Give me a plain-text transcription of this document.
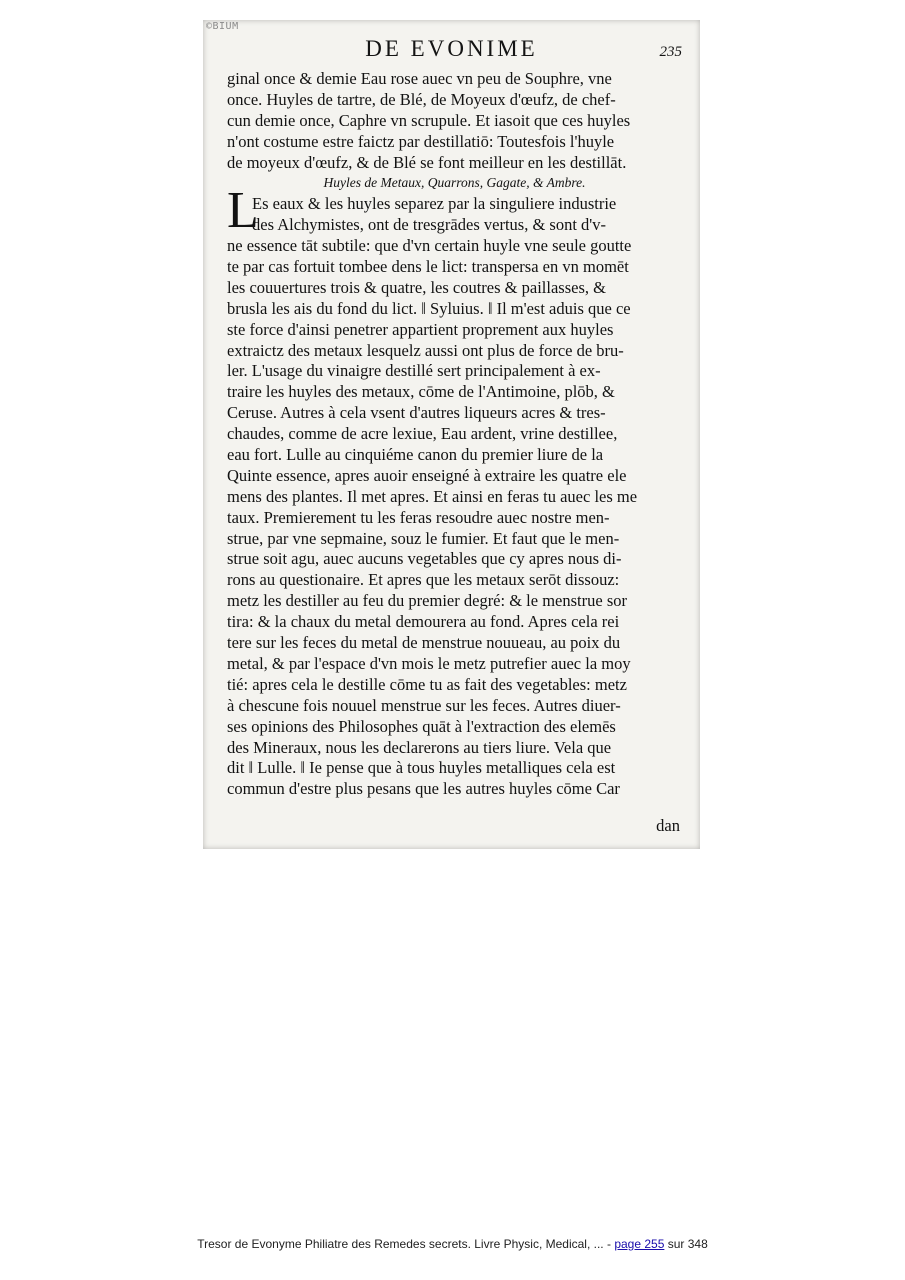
©BIUM
DE EVONIME	235
L
ginal once & demie Eau rose auec vn peu de Souphre, vne
once. Huyles de tartre, de Blé, de Moyeux d'œufz, de chef-
cun demie once, Caphre vn scrupule. Et iasoit que ces huyles
n'ont costume estre faictz par destillatiō: Toutesfois l'huyle
de moyeux d'œufz, & de Blé se font meilleur en les destillāt.
Huyles de Metaux, Quarrons, Gagate, & Ambre.
Es eaux & les huyles separez par la singuliere industrie
des Alchymistes, ont de tresgrādes vertus, & sont d'v-
ne essence tāt subtile: que d'vn certain huyle vne seule goutte
te par cas fortuit tombee dens le lict: transpersa en vn momēt
les couuertures trois & quatre, les coutres & paillasses, &
brusla les ais du fond du lict. ‖ Syluius. ‖ Il m'est aduis que ce
ste force d'ainsi penetrer appartient proprement aux huyles
extraictz des metaux lesquelz aussi ont plus de force de bru-
ler. L'usage du vinaigre destillé sert principalement à ex-
traire les huyles des metaux, cōme de l'Antimoine, plōb, &
Ceruse. Autres à cela vsent d'autres liqueurs acres & tres-
chaudes, comme de acre lexiue, Eau ardent, vrine destillee,
eau fort. Lulle au cinquiéme canon du premier liure de la
Quinte essence, apres auoir enseigné à extraire les quatre ele
mens des plantes. Il met apres. Et ainsi en feras tu auec les me
taux. Premierement tu les feras resoudre auec nostre men-
strue, par vne sepmaine, souz le fumier. Et faut que le men-
strue soit agu, auec aucuns vegetables que cy apres nous di-
rons au questionaire. Et apres que les metaux serōt dissouz:
metz les destiller au feu du premier degré: & le menstrue sor
tira: & la chaux du metal demourera au fond. Apres cela rei
tere sur les feces du metal de menstrue nouueau, au poix du
metal, & par l'espace d'vn mois le metz putrefier auec la moy
tié: apres cela le destille cōme tu as fait des vegetables: metz
à chescune fois nouuel menstrue sur les feces. Autres diuer-
ses opinions des Philosophes quāt à l'extraction des elemēs
des Mineraux, nous les declarerons au tiers liure. Vela que
dit ‖ Lulle. ‖ Ie pense que à tous huyles metalliques cela est
commun d'estre plus pesans que les autres huyles cōme Car
dan
Tresor de Evonyme Philiatre des Remedes secrets. Livre Physic, Medical, ... - page 255 sur 348
